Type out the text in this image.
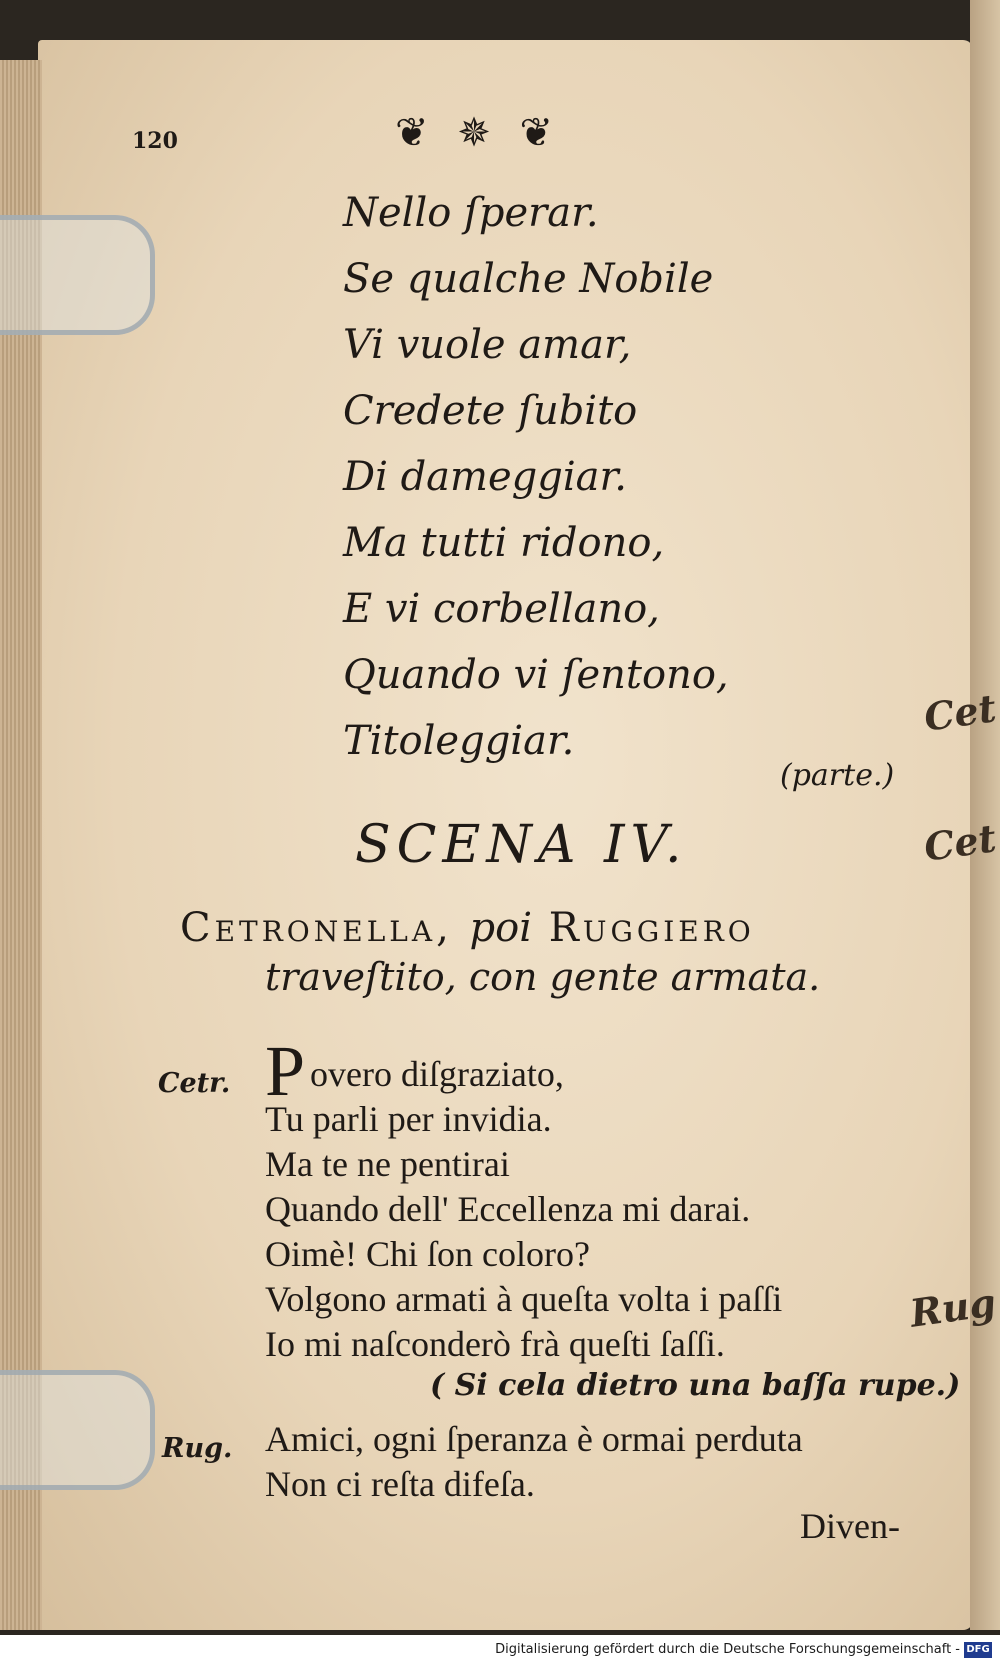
Cet
Cet
Rug
120	❦ ✵ ❦
Nello ſperar.
Se qualche Nobile
Vi vuole amar,
Credete ſubito
Di dameggiar.
Ma tutti ridono,
E vi corbellano,
Quando vi ſentono,
Titoleggiar.
(parte.)
SCENA IV.
Cetronella, poi Ruggiero
traveſtito, con gente armata.
Cetr. P overo diſgraziato,
Tu parli per invidia.
Ma te ne pentirai
Quando dell' Eccellenza mi darai.
Oimè! Chi ſon coloro?
Volgono armati à queſta volta i paſſi
Io mi naſconderò frà queſti ſaſſi.
( Si cela dietro una baſſa rupe.)
Rug. Amici, ogni ſperanza è ormai perduta
Non ci reſta difeſa.
Diven-
Digitalisierung gefördert durch die Deutsche Forschungsgemeinschaft - DFG
